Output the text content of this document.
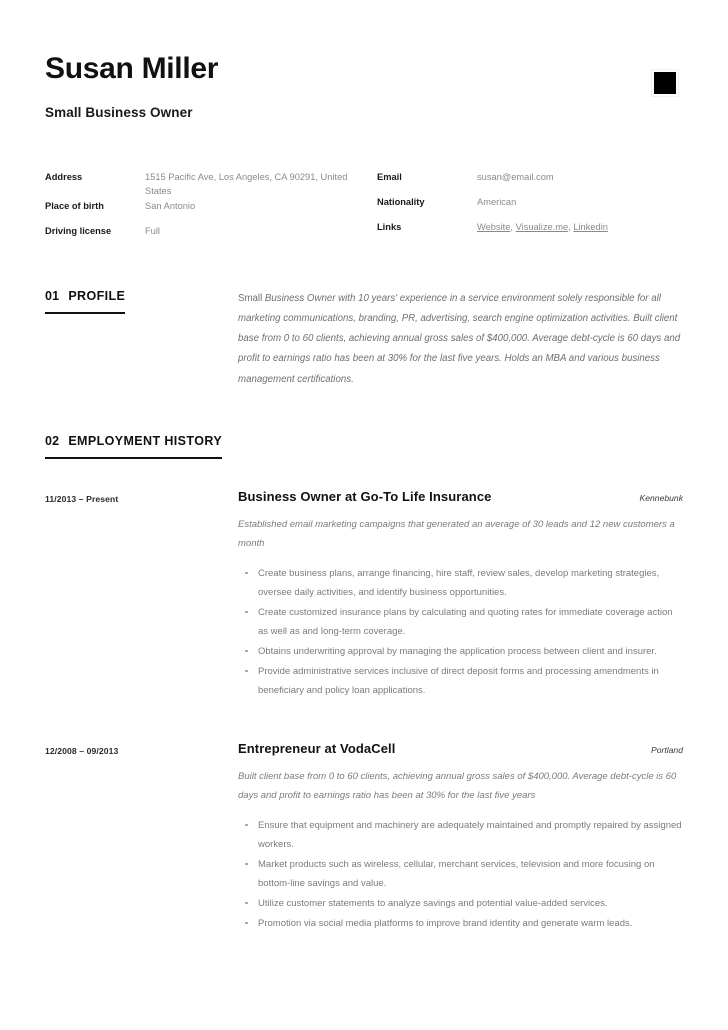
Susan Miller
Small Business Owner
Address	1515 Pacific Ave, Los Angeles, CA 90291, United States
Place of birth	San Antonio
Driving license	Full
Email	susan@email.com
Nationality	American
Links	Website, Visualize.me, Linkedin
01 PROFILE	Small Business Owner with 10 years' experience in a service environment solely responsible for all marketing communications, branding, PR, advertising, search engine optimization activities. Built client base from 0 to 60 clients, achieving annual gross sales of $400,000. Average debt-cycle is 60 days and profit to earnings ratio has been at 30% for the last five years. Holds an MBA and various business management certifications.

02 EMPLOYMENT HISTORY
11/2013 – Present	Business Owner at Go-To Life Insurance	Kennebunk

Established email marketing campaigns that generated an average of 30 leads and 12 new customers a month

Create business plans, arrange financing, hire staff, review sales, develop marketing strategies, oversee daily activities, and identify business opportunities.
Create customized insurance plans by calculating and quoting rates for immediate coverage action as well as and long-term coverage.
Obtains underwriting approval by managing the application process between client and insurer.
Provide administrative services inclusive of direct deposit forms and processing amendments in beneficiary and policy loan applications.
12/2008 – 09/2013	Entrepreneur at VodaCell	Portland

Built client base from 0 to 60 clients, achieving annual gross sales of $400,000. Average debt-cycle is 60 days and profit to earnings ratio has been at 30% for the last five years

Ensure that equipment and machinery are adequately maintained and promptly repaired by assigned workers.
Market products such as wireless, cellular, merchant services, television and more focusing on bottom-line savings and value.
Utilize customer statements to analyze savings and potential value-added services.
Promotion via social media platforms to improve brand identity and generate warm leads.
